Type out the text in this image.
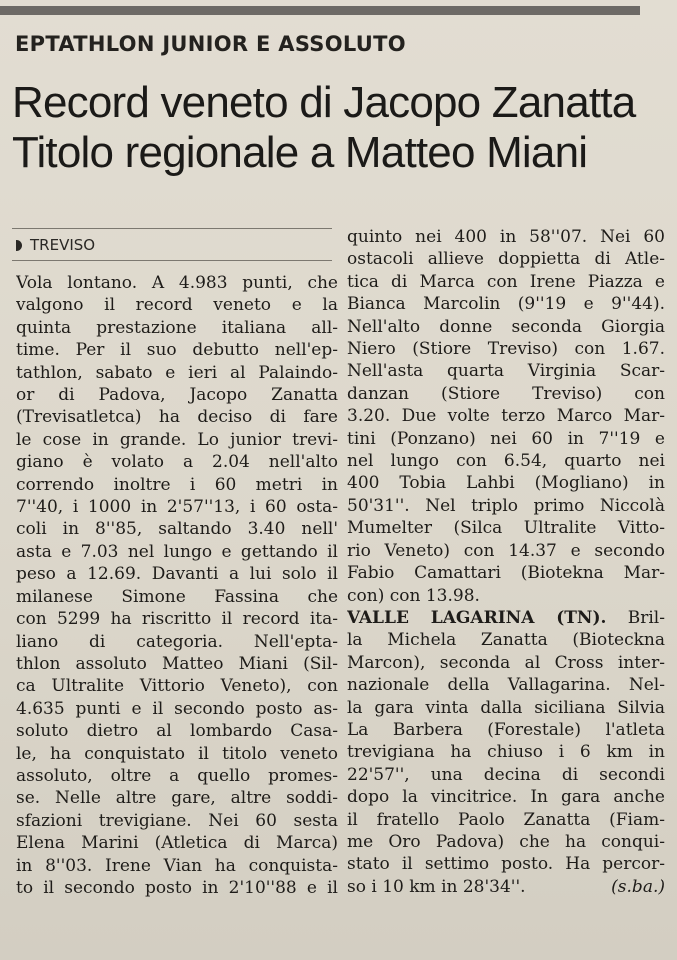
EPTATHLON JUNIOR E ASSOLUTO
Record veneto di Jacopo Zanatta
Titolo regionale a Matteo Miani
TREVISO
Vola lontano. A 4.983 punti, che
valgono il record veneto e la
quinta prestazione italiana all-
time. Per il suo debutto nell'ep-
tathlon, sabato e ieri al Palaindo-
or di Padova, Jacopo Zanatta
(Trevisatletca) ha deciso di fare
le cose in grande. Lo junior trevi-
giano è volato a 2.04 nell'alto
correndo inoltre i 60 metri in
7''40, i 1000 in 2'57''13, i 60 osta-
coli in 8''85, saltando 3.40 nell'
asta e 7.03 nel lungo e gettando il
peso a 12.69. Davanti a lui solo il
milanese Simone Fassina che
con 5299 ha riscritto il record ita-
liano di categoria. Nell'epta-
thlon assoluto Matteo Miani (Sil-
ca Ultralite Vittorio Veneto), con
4.635 punti e il secondo posto as-
soluto dietro al lombardo Casa-
le, ha conquistato il titolo veneto
assoluto, oltre a quello promes-
se. Nelle altre gare, altre soddi-
sfazioni trevigiane. Nei 60 sesta
Elena Marini (Atletica di Marca)
in 8''03. Irene Vian ha conquista-
to il secondo posto in 2'10''88 e il
quinto nei 400 in 58''07. Nei 60
ostacoli allieve doppietta di Atle-
tica di Marca con Irene Piazza e
Bianca Marcolin (9''19 e 9''44).
Nell'alto donne seconda Giorgia
Niero (Stiore Treviso) con 1.67.
Nell'asta quarta Virginia Scar-
danzan (Stiore Treviso) con
3.20. Due volte terzo Marco Mar-
tini (Ponzano) nei 60 in 7''19 e
nel lungo con 6.54, quarto nei
400 Tobia Lahbi (Mogliano) in
50'31''. Nel triplo primo Niccolà
Mumelter (Silca Ultralite Vitto-
rio Veneto) con 14.37 e secondo
Fabio Camattari (Biotekna Mar-
con) con 13.98.
VALLE LAGARINA (TN). Bril-
la Michela Zanatta (Bioteckna
Marcon), seconda al Cross inter-
nazionale della Vallagarina. Nel-
la gara vinta dalla siciliana Silvia
La Barbera (Forestale) l'atleta
trevigiana ha chiuso i 6 km in
22'57'', una decina di secondi
dopo la vincitrice. In gara anche
il fratello Paolo Zanatta (Fiam-
me Oro Padova) che ha conqui-
stato il settimo posto. Ha percor-
so i 10 km in 28'34''.	(s.ba.)
